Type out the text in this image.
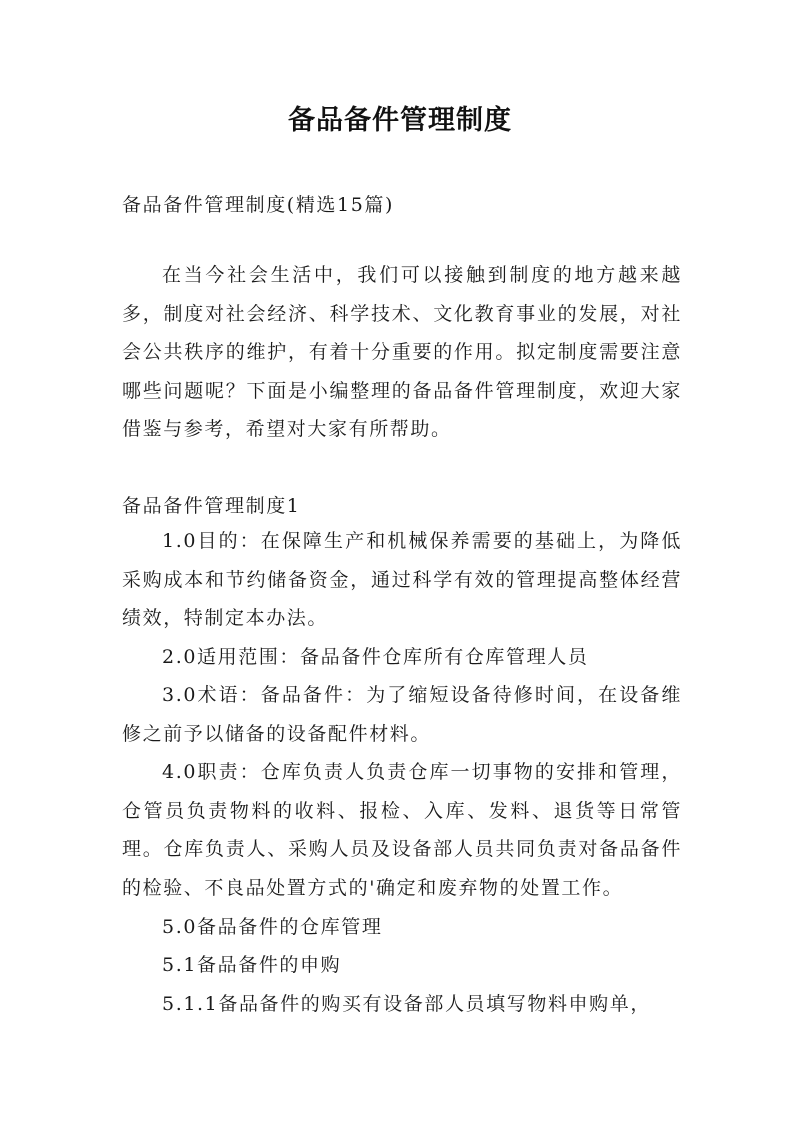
备品备件管理制度
备品备件管理制度(精选15篇)
在当今社会生活中，我们可以接触到制度的地方越来越多，制度对社会经济、科学技术、文化教育事业的发展，对社会公共秩序的维护，有着十分重要的作用。拟定制度需要注意哪些问题呢？下面是小编整理的备品备件管理制度，欢迎大家借鉴与参考，希望对大家有所帮助。
备品备件管理制度1
1.0目的：在保障生产和机械保养需要的基础上，为降低采购成本和节约储备资金，通过科学有效的管理提高整体经营绩效，特制定本办法。
2.0适用范围：备品备件仓库所有仓库管理人员
3.0术语：备品备件：为了缩短设备待修时间，在设备维修之前予以储备的设备配件材料。
4.0职责：仓库负责人负责仓库一切事物的安排和管理，仓管员负责物料的收料、报检、入库、发料、退货等日常管理。仓库负责人、采购人员及设备部人员共同负责对备品备件的检验、不良品处置方式的'确定和废弃物的处置工作。
5.0备品备件的仓库管理
5.1备品备件的申购
5.1.1备品备件的购买有设备部人员填写物料申购单，
